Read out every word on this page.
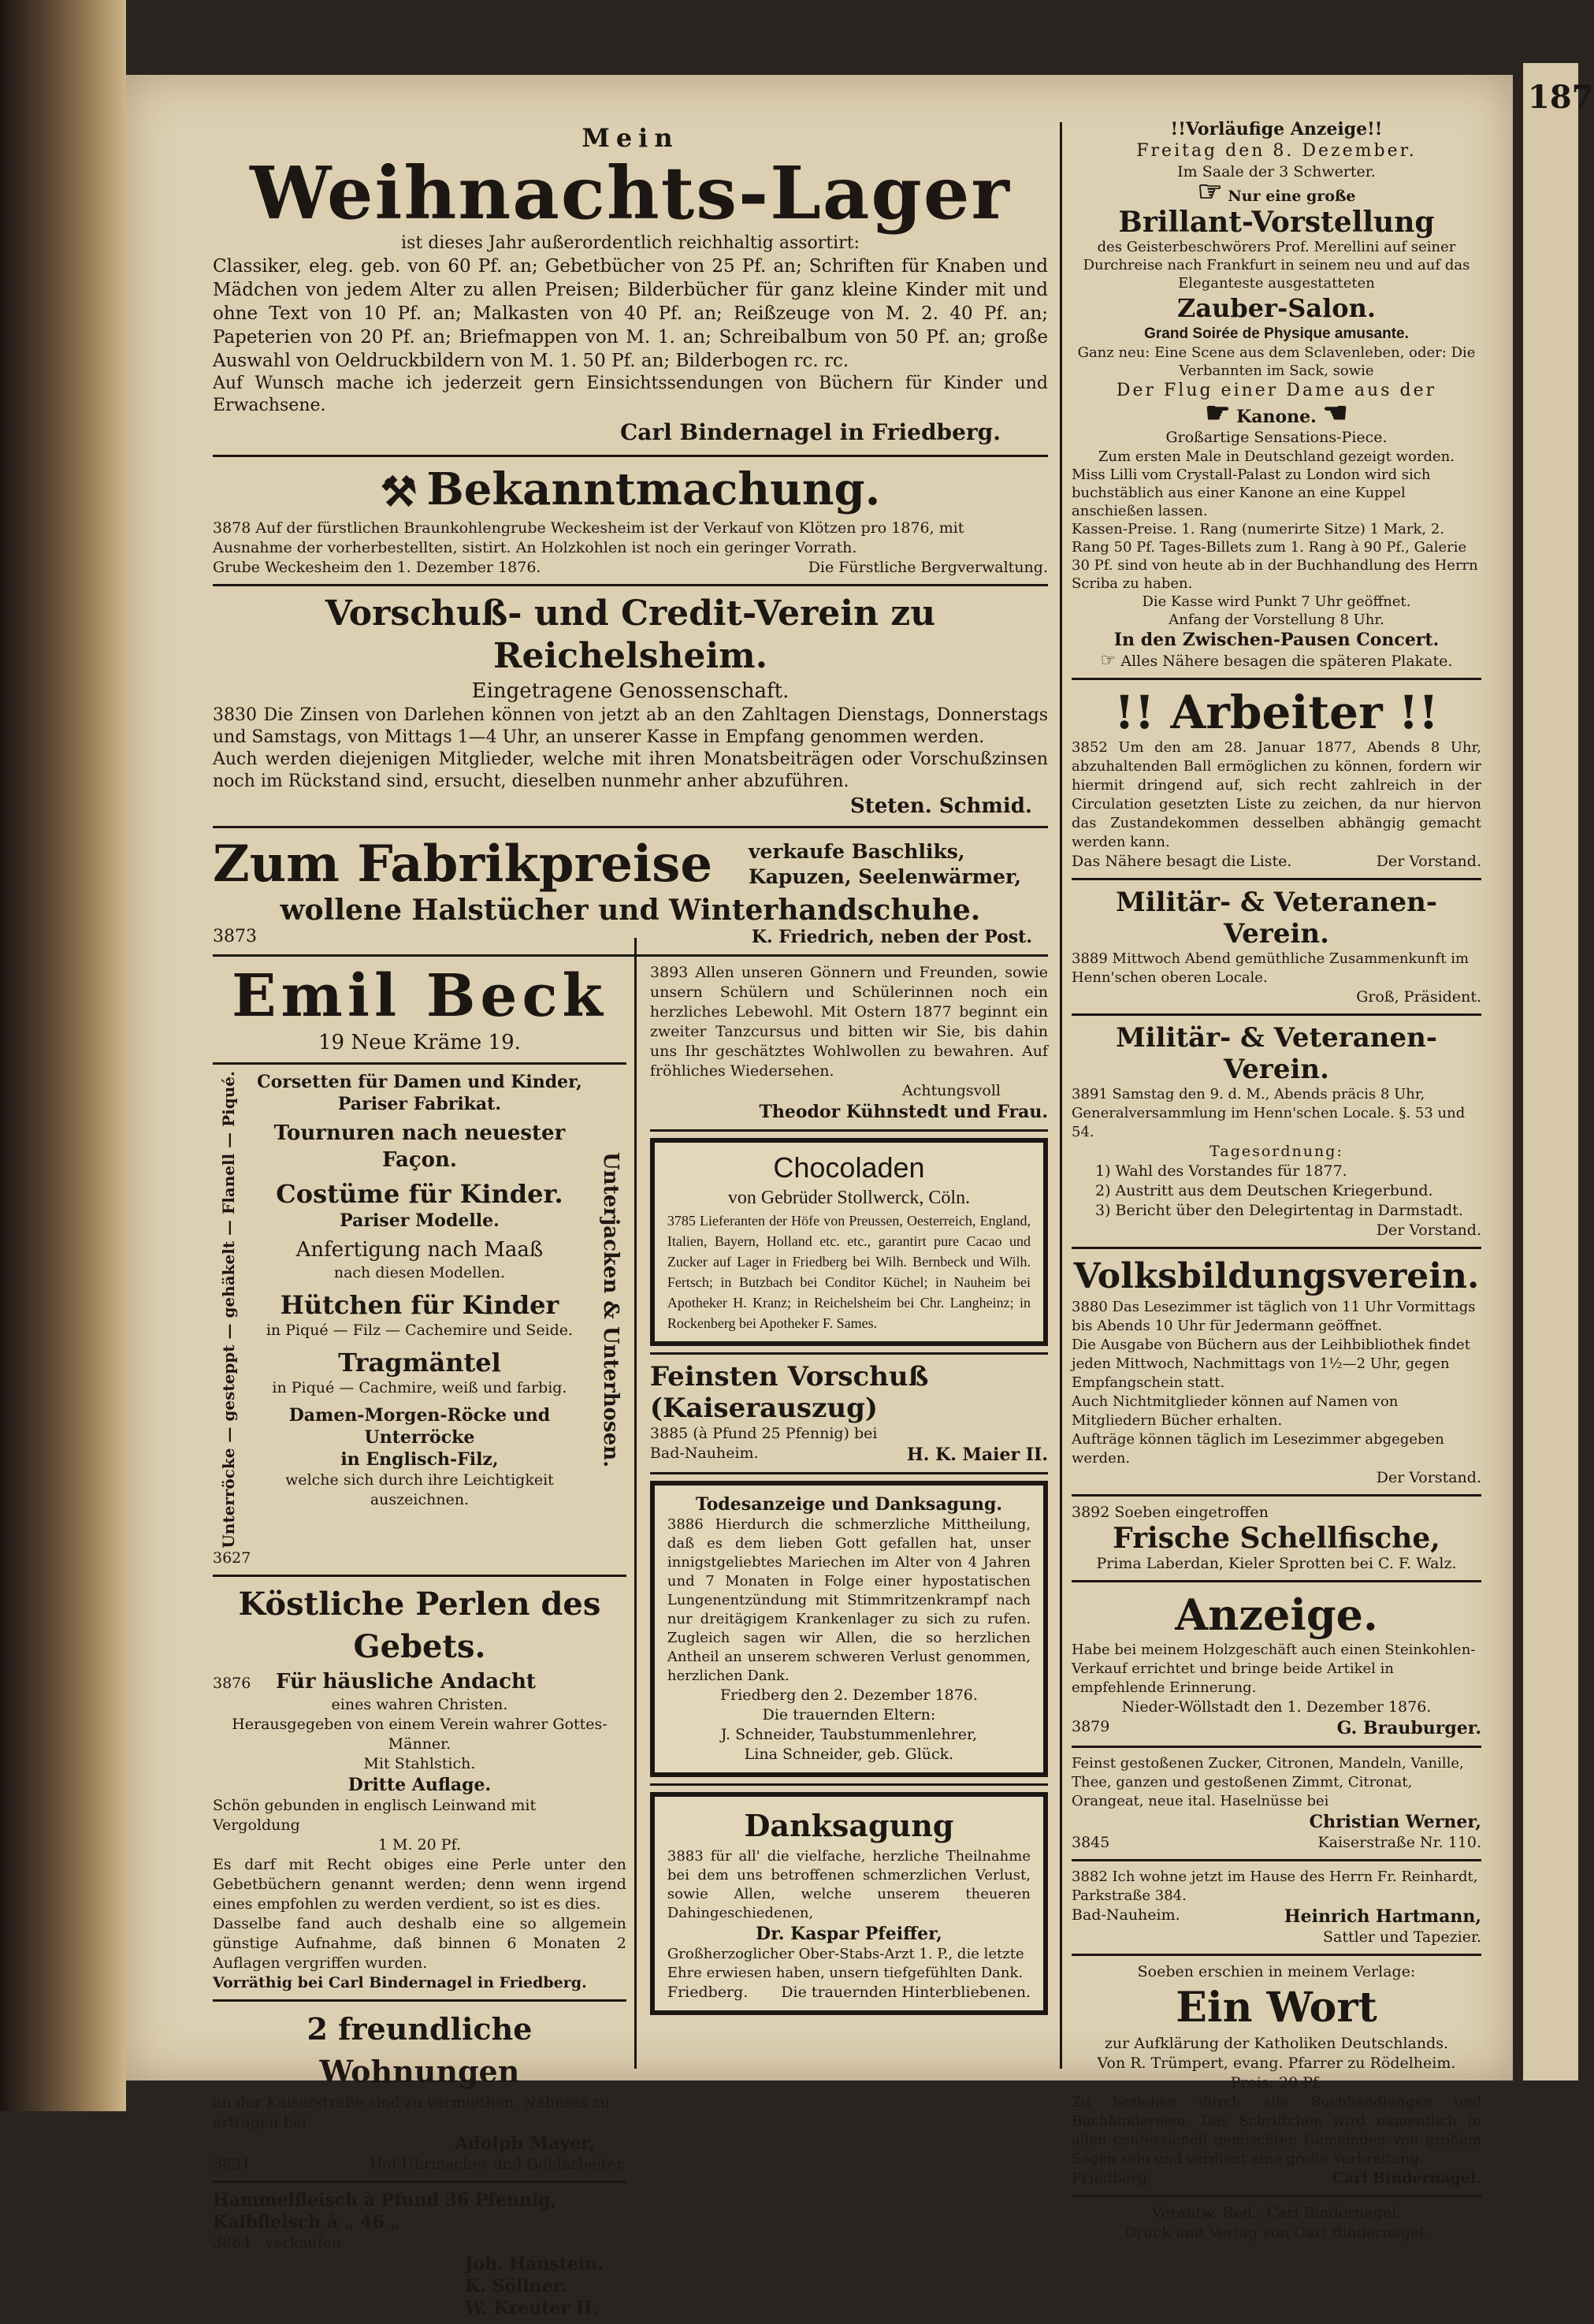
187
Mein
Weihnachts-Lager
ist dieses Jahr außerordentlich reichhaltig assortirt:
Classiker, eleg. geb. von 60 Pf. an; Gebetbücher von 25 Pf. an; Schriften für Knaben und Mädchen von jedem Alter zu allen Preisen; Bilderbücher für ganz kleine Kinder mit und ohne Text von 10 Pf. an; Malkasten von 40 Pf. an; Reißzeuge von M. 2. 40 Pf. an; Papeterien von 20 Pf. an; Briefmappen von M. 1. an; Schreibalbum von 50 Pf. an; große Auswahl von Oeldruckbildern von M. 1. 50 Pf. an; Bilderbogen rc. rc.
Auf Wunsch mache ich jederzeit gern Einsichtssendungen von Büchern für Kinder und Erwachsene.
Carl Bindernagel in Friedberg.
⚒ Bekanntmachung.
3878 Auf der fürstlichen Braunkohlengrube Weckesheim ist der Verkauf von Klötzen pro 1876, mit Ausnahme der vorherbestellten, sistirt. An Holzkohlen ist noch ein geringer Vorrath.
Grube Weckesheim den 1. Dezember 1876.	Die Fürstliche Bergverwaltung.
Vorschuß- und Credit-Verein zu Reichelsheim.
Eingetragene Genossenschaft.
3830 Die Zinsen von Darlehen können von jetzt ab an den Zahltagen Dienstags, Donnerstags und Samstags, von Mittags 1—4 Uhr, an unserer Kasse in Empfang genommen werden.
Auch werden diejenigen Mitglieder, welche mit ihren Monatsbeiträgen oder Vorschußzinsen noch im Rückstand sind, ersucht, dieselben nunmehr anher abzuführen.
Steten. Schmid.
Zum Fabrikpreise	verkaufe Baschliks, Kapuzen, Seelenwärmer,
wollene Halstücher und Winterhandschuhe.
3873	K. Friedrich, neben der Post.
Emil Beck
19 Neue Kräme 19.
Unterröcke — gesteppt — gehäkelt — Flanell — Piqué.	Corsetten für Damen und Kinder,
Pariser Fabrikat.
Tournuren nach neuester Façon.
Costüme für Kinder.
Pariser Modelle.
Anfertigung nach Maaß
nach diesen Modellen.
Hütchen für Kinder
in Piqué — Filz — Cachemire und Seide.
Tragmäntel
in Piqué — Cachmire, weiß und farbig.
Damen-Morgen-Röcke und Unterröcke
in Englisch-Filz,
welche sich durch ihre Leichtigkeit auszeichnen.
Unterjacken & Unterhosen.
3627
Köstliche Perlen des Gebets.
3876	Für häusliche Andacht
eines wahren Christen.
Herausgegeben von einem Verein wahrer Gottes-Männer.
Mit Stahlstich.
Dritte Auflage.
Schön gebunden in englisch Leinwand mit Vergoldung
1 M. 20 Pf.
Es darf mit Recht obiges eine Perle unter den Gebetbüchern genannt werden; denn wenn irgend eines empfohlen zu werden verdient, so ist es dies.
Dasselbe fand auch deshalb eine so allgemein günstige Aufnahme, daß binnen 6 Monaten 2 Auflagen vergriffen wurden.
Vorräthig bei Carl Bindernagel in Friedberg.
2 freundliche Wohnungen
an der Kaiserstraße sind zu vermiethen. Näheres zu erfragen bei
Adolph Mayer,
3831	Hof-Uhrmacher und Goldarbeiter.
Hammelfleisch à Pfund 36 Pfennig,
Kalbfleisch à „ 46 „
3884 verkaufen
Joh. Hanstein.
K. Söllner.
W. Kreuter II.
3893 Allen unseren Gönnern und Freunden, sowie unsern Schülern und Schülerinnen noch ein herzliches Lebewohl. Mit Ostern 1877 beginnt ein zweiter Tanzcursus und bitten wir Sie, bis dahin uns Ihr geschätztes Wohlwollen zu bewahren. Auf fröhliches Wiedersehen.
Achtungsvoll
Theodor Kühnstedt und Frau.
Chocoladen
von Gebrüder Stollwerck, Cöln.
3785 Lieferanten der Höfe von Preussen, Oesterreich, England, Italien, Bayern, Holland etc. etc., garantirt pure Cacao und Zucker auf Lager in Friedberg bei Wilh. Bernbeck und Wilh. Fertsch; in Butzbach bei Conditor Küchel; in Nauheim bei Apotheker H. Kranz; in Reichelsheim bei Chr. Langheinz; in Rockenberg bei Apotheker F. Sames.
Feinsten Vorschuß (Kaiserauszug)
3885 (à Pfund 25 Pfennig) bei
Bad-Nauheim.	H. K. Maier II.
Todesanzeige und Danksagung.
3886 Hierdurch die schmerzliche Mittheilung, daß es dem lieben Gott gefallen hat, unser innigstgeliebtes Mariechen im Alter von 4 Jahren und 7 Monaten in Folge einer hypostatischen Lungenentzündung mit Stimmritzenkrampf nach nur dreitägigem Krankenlager zu sich zu rufen. Zugleich sagen wir Allen, die so herzlichen Antheil an unserem schweren Verlust genommen, herzlichen Dank.
Friedberg den 2. Dezember 1876.
Die trauernden Eltern:
J. Schneider, Taubstummenlehrer,
Lina Schneider, geb. Glück.
Danksagung
3883 für all' die vielfache, herzliche Theilnahme bei dem uns betroffenen schmerzlichen Verlust, sowie Allen, welche unserem theueren Dahingeschiedenen,
Dr. Kaspar Pfeiffer,
Großherzoglicher Ober-Stabs-Arzt 1. P., die letzte Ehre erwiesen haben, unsern tiefgefühlten Dank.
Friedberg. Die trauernden Hinterbliebenen.
!!Vorläufige Anzeige!!
Freitag den 8. Dezember.
Im Saale der 3 Schwerter.
☞ Nur eine große
Brillant-Vorstellung
des Geisterbeschwörers Prof. Merellini auf seiner Durchreise nach Frankfurt in seinem neu und auf das Eleganteste ausgestatteten
Zauber-Salon.
Grand Soirée de Physique amusante.
Ganz neu: Eine Scene aus dem Sclavenleben, oder: Die Verbannten im Sack, sowie
Der Flug einer Dame aus der
☛ Kanone. ☚
Großartige Sensations-Piece.
Zum ersten Male in Deutschland gezeigt worden.
Miss Lilli vom Crystall-Palast zu London wird sich buchstäblich aus einer Kanone an eine Kuppel anschießen lassen.
Kassen-Preise. 1. Rang (numerirte Sitze) 1 Mark, 2. Rang 50 Pf. Tages-Billets zum 1. Rang à 90 Pf., Galerie 30 Pf. sind von heute ab in der Buchhandlung des Herrn Scriba zu haben.
Die Kasse wird Punkt 7 Uhr geöffnet.
Anfang der Vorstellung 8 Uhr.
In den Zwischen-Pausen Concert.
☞ Alles Nähere besagen die späteren Plakate.
!! Arbeiter !!
3852 Um den am 28. Januar 1877, Abends 8 Uhr, abzuhaltenden Ball ermöglichen zu können, fordern wir hiermit dringend auf, sich recht zahlreich in der Circulation gesetzten Liste zu zeichen, da nur hiervon das Zustandekommen desselben abhängig gemacht werden kann.
Das Nähere besagt die Liste.	Der Vorstand.
Militär- & Veteranen-Verein.
3889 Mittwoch Abend gemüthliche Zusammenkunft im Henn'schen oberen Locale.
Groß, Präsident.
Militär- & Veteranen-Verein.
3891 Samstag den 9. d. M., Abends präcis 8 Uhr, Generalversammlung im Henn'schen Locale. §. 53 und 54.
Tagesordnung:
1) Wahl des Vorstandes für 1877.
2) Austritt aus dem Deutschen Kriegerbund.
3) Bericht über den Delegirtentag in Darmstadt.
Der Vorstand.
Volksbildungsverein.
3880 Das Lesezimmer ist täglich von 11 Uhr Vormittags bis Abends 10 Uhr für Jedermann geöffnet.
Die Ausgabe von Büchern aus der Leihbibliothek findet jeden Mittwoch, Nachmittags von 1½—2 Uhr, gegen Empfangschein statt.
Auch Nichtmitglieder können auf Namen von Mitgliedern Bücher erhalten.
Aufträge können täglich im Lesezimmer abgegeben werden.
Der Vorstand.
3892 Soeben eingetroffen
Frische Schellfische,
Prima Laberdan, Kieler Sprotten bei C. F. Walz.
Anzeige.
Habe bei meinem Holzgeschäft auch einen Steinkohlen-Verkauf errichtet und bringe beide Artikel in empfehlende Erinnerung.
Nieder-Wöllstadt den 1. Dezember 1876.
3879	G. Brauburger.
Feinst gestoßenen Zucker, Citronen, Mandeln, Vanille, Thee, ganzen und gestoßenen Zimmt, Citronat, Orangeat, neue ital. Haselnüsse bei
Christian Werner,
3845	Kaiserstraße Nr. 110.
3882 Ich wohne jetzt im Hause des Herrn Fr. Reinhardt, Parkstraße 384.
Bad-Nauheim.	Heinrich Hartmann,
Sattler und Tapezier.
Soeben erschien in meinem Verlage:
Ein Wort
zur Aufklärung der Katholiken Deutschlands.
Von R. Trümpert, evang. Pfarrer zu Rödelheim.
Preis: 20 Pf.
Zu beziehen durch alle Buchhandlungen und Buchbindereien. Das Schriftchen wird namentlich in allen confessionell gemischten Gemeinden von großem Segen sein und verdient eine große Verbreitung.
Friedberg.	Carl Bindernagel.
Verantw. Red.: Carl Bindernagel.
Druck und Verlag von Carl Bindernagel.
